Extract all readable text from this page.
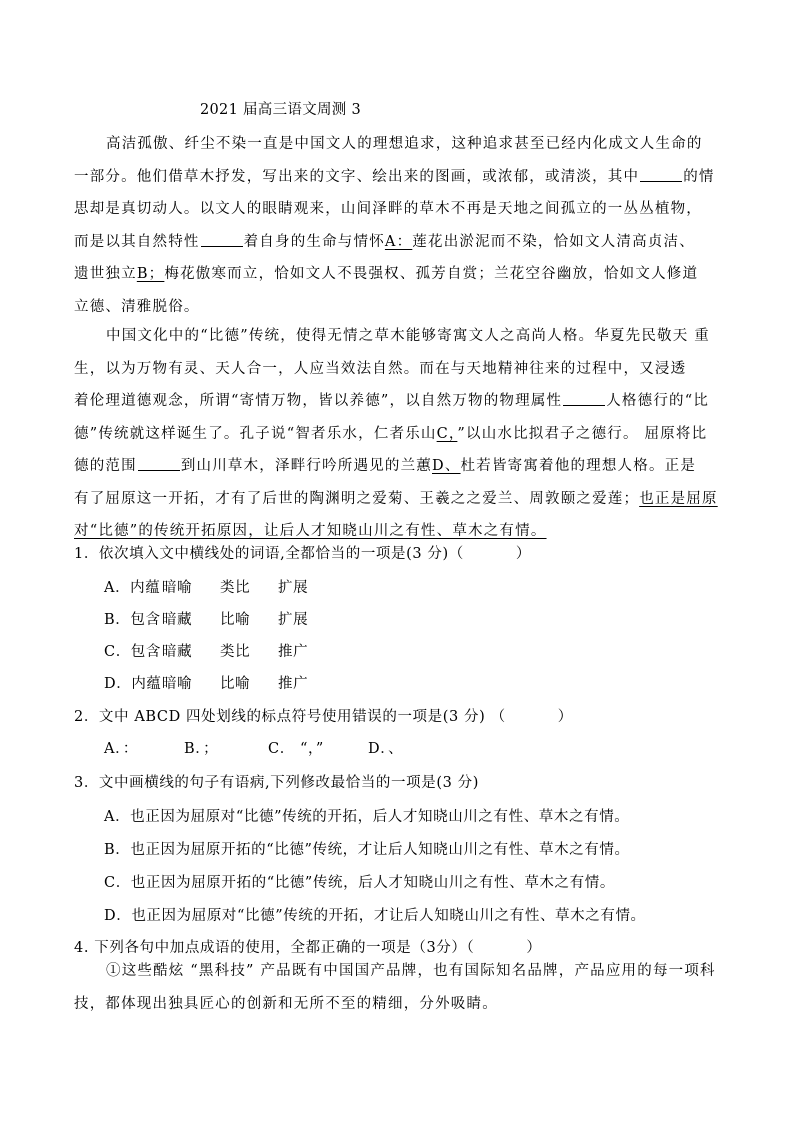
2021 届高三语文周测 3
高洁孤傲、纤尘不染一直是中国文人的理想追求，这种追求甚至已经内化成文人生命的
一部分。他们借草木抒发，写出来的文字、绘出来的图画，或浓郁，或清淡，其中	的情
思却是真切动人。以文人的眼睛观来，山间泽畔的草木不再是天地之间孤立的一丛丛植物，
而是以其自然特性	着自身的生命与情怀A：莲花出淤泥而不染，恰如文人清高贞洁、
遗世独立B；梅花傲寒而立，恰如文人不畏强权、孤芳自赏；兰花空谷幽放，恰如文人修道
立德、清雅脱俗。
中国文化中的“比德”传统，使得无情之草木能够寄寓文人之高尚人格。华夏先民敬天 重
生，以为万物有灵、天人合一，人应当效法自然。而在与天地精神往来的过程中，又浸透
着伦理道德观念，所谓“寄情万物，皆以养德”，以自然万物的物理属性	人格德行的“比
德”传统就这样诞生了。孔子说“智者乐水，仁者乐山C，”以山水比拟君子之德行。 屈原将比
德的范围	到山川草木，泽畔行吟所遇见的兰蕙D、杜若皆寄寓着他的理想人格。正是
有了屈原这一开拓，才有了后世的陶渊明之爱菊、王羲之之爱兰、周敦颐之爱莲；也正是屈原
对“比德”的传统开拓原因，让后人才知晓山川之有性、草木之有情。
1．依次填入文中横线处的词语,全都恰当的一项是(3 分)（	）
A．内蕴 暗喻 类比 扩展
B．包含暗藏 比喻 扩展
C．包含暗藏 类比 推广
D．内蕴暗喻 比喻 推广
2．文中 ABCD 四处划线的标点符号使用错误的一项是(3 分) （	）
A．：	B．；	C． “，”	D．、
3．文中画横线的句子有语病,下列修改最恰当的一项是(3 分)
A．也正因为屈原对“比德”传统的开拓，后人才知晓山川之有性、草木之有情。
B．也正因为屈原开拓的“比德”传统，才让后人知晓山川之有性、草木之有情。
C．也正因为屈原开拓的“比德”传统，后人才知晓山川之有性、草木之有情。
D．也正因为屈原对“比德”传统的开拓，才让后人知晓山川之有性、草木之有情。
4. 下列各句中加点成语的使用，全都正确的一项是（3分）（	）
①这些酷炫 “黑科技” 产品既有中国国产品牌，也有国际知名品牌，产品应用的每一项科
技，都体现出独具匠心的创新和无所不至的精细，分外吸睛。
